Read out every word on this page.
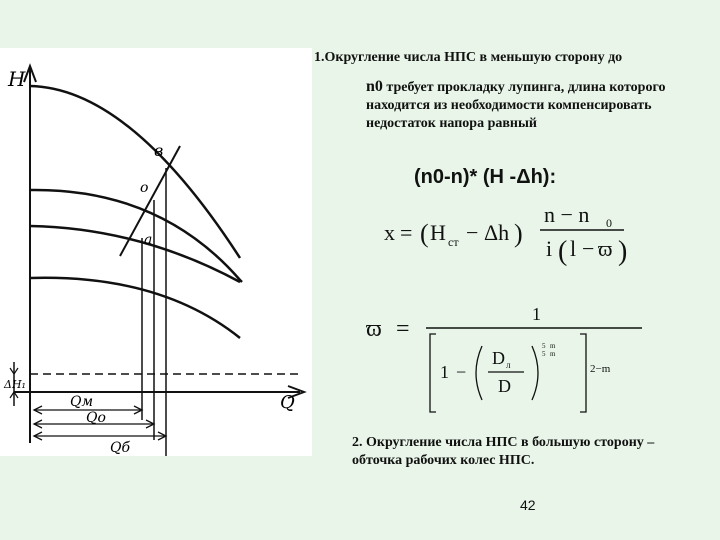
H
Q
ΔH₁
в
о
а
Qм
Qо
Qб
1.Округление числа НПС в меньшую сторону до
n0 требует прокладку лупинга, длина которого находится из необходимости компенсировать недостаток напора равный
(n0-n)* (H -Δh):
x = ( H ст − Δh )
n − n 0
i ( l − ϖ )
ϖ =
1
1 −
D л
D
5 m
5 m
2−m
2. Округление числа НПС в большую сторону – обточка рабочих колес НПС.
42
